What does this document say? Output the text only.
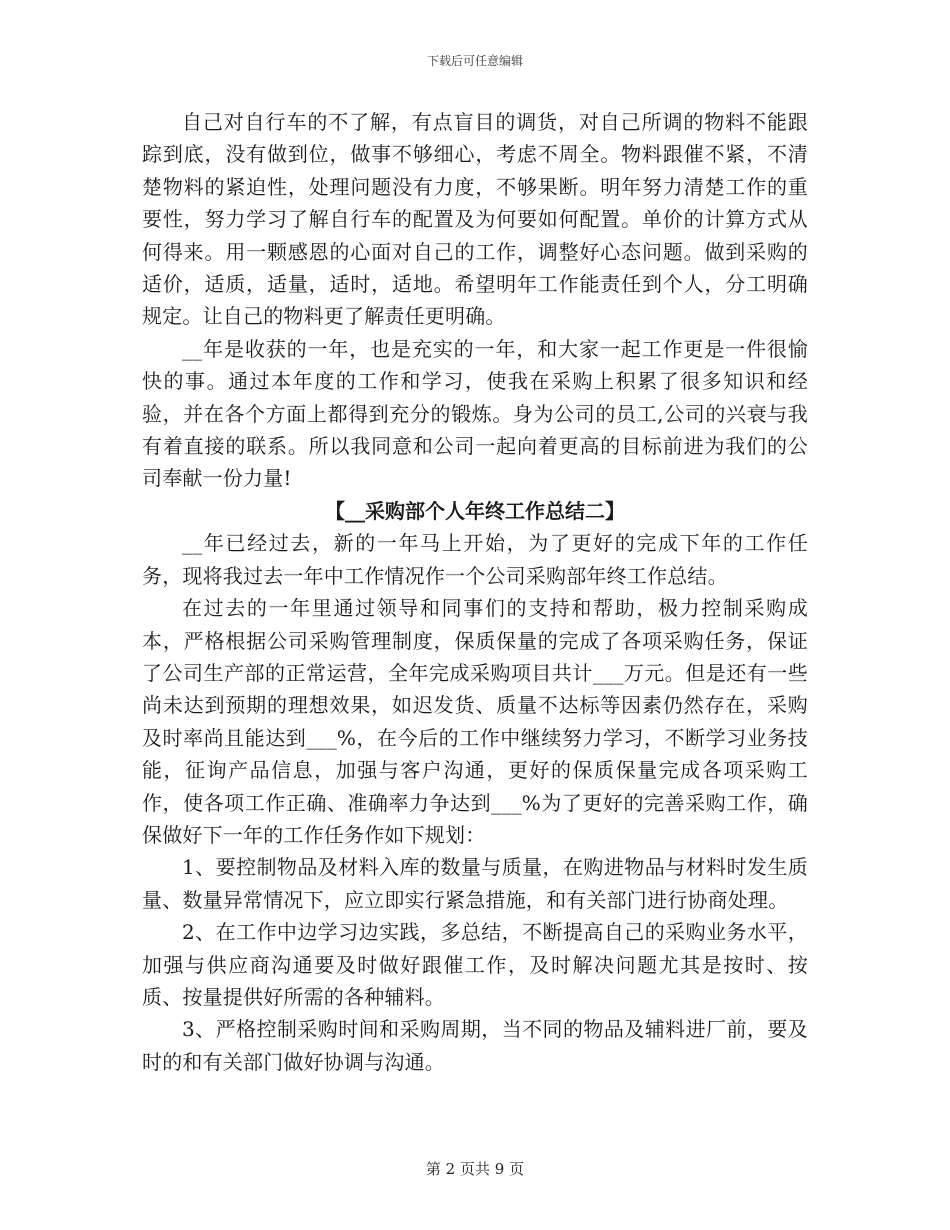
下载后可任意编辑

自己对自行车的不了解，有点盲目的调货，对自己所调的物料不能跟踪到底，没有做到位，做事不够细心，考虑不周全。物料跟催不紧，不清楚物料的紧迫性，处理问题没有力度，不够果断。明年努力清楚工作的重要性，努力学习了解自行车的配置及为何要如何配置。单价的计算方式从何得来。用一颗感恩的心面对自己的工作，调整好心态问题。做到采购的适价，适质，适量，适时，适地。希望明年工作能责任到个人，分工明确规定。让自己的物料更了解责任更明确。

__年是收获的一年，也是充实的一年，和大家一起工作更是一件很愉快的事。通过本年度的工作和学习，使我在采购上积累了很多知识和经验，并在各个方面上都得到充分的锻炼。身为公司的员工,公司的兴衰与我有着直接的联系。所以我同意和公司一起向着更高的目标前进为我们的公司奉献一份力量!

【__采购部个人年终工作总结二】

__年已经过去，新的一年马上开始，为了更好的完成下年的工作任务，现将我过去一年中工作情况作一个公司采购部年终工作总结。

在过去的一年里通过领导和同事们的支持和帮助，极力控制采购成本，严格根据公司采购管理制度，保质保量的完成了各项采购任务，保证了公司生产部的正常运营，全年完成采购项目共计___万元。但是还有一些尚未达到预期的理想效果，如迟发货、质量不达标等因素仍然存在，采购及时率尚且能达到___%，在今后的工作中继续努力学习，不断学习业务技能，征询产品信息，加强与客户沟通，更好的保质保量完成各项采购工作，使各项工作正确、准确率力争达到___%为了更好的完善采购工作，确保做好下一年的工作任务作如下规划：

1、要控制物品及材料入库的数量与质量，在购进物品与材料时发生质量、数量异常情况下，应立即实行紧急措施，和有关部门进行协商处理。

2、在工作中边学习边实践，多总结，不断提高自己的采购业务水平，加强与供应商沟通要及时做好跟催工作，及时解决问题尤其是按时、按质、按量提供好所需的各种辅料。

3、严格控制采购时间和采购周期，当不同的物品及辅料进厂前，要及时的和有关部门做好协调与沟通。

第 2 页共 9 页
